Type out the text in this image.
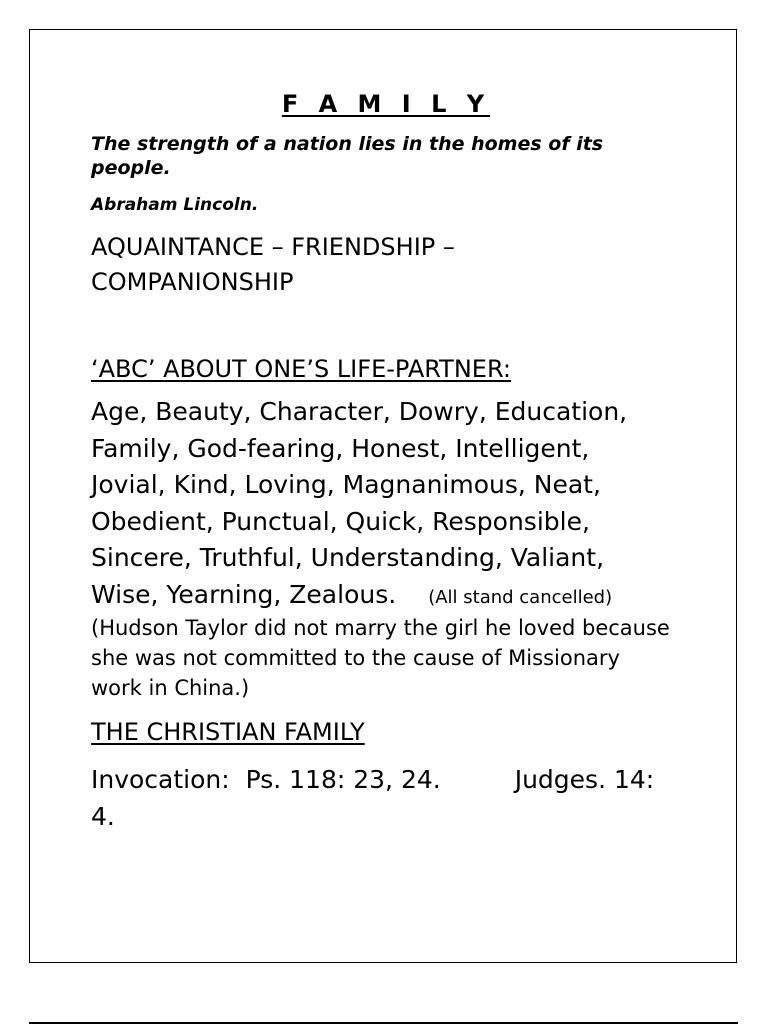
F A M I L Y

The strength of a nation lies in the homes of its people.

Abraham Lincoln.

AQUAINTANCE – FRIENDSHIP – COMPANIONSHIP

‘ABC’ ABOUT ONE’S LIFE-PARTNER:

Age, Beauty, Character, Dowry, Education, Family, God-fearing, Honest, Intelligent, Jovial, Kind, Loving, Magnanimous, Neat, Obedient, Punctual, Quick, Responsible, Sincere, Truthful, Understanding, Valiant, Wise, Yearning, Zealous. (All stand cancelled)

(Hudson Taylor did not marry the girl he loved because she was not committed to the cause of Missionary work in China.)

THE CHRISTIAN FAMILY

Invocation: Ps. 118: 23, 24.	Judges. 14: 4.
